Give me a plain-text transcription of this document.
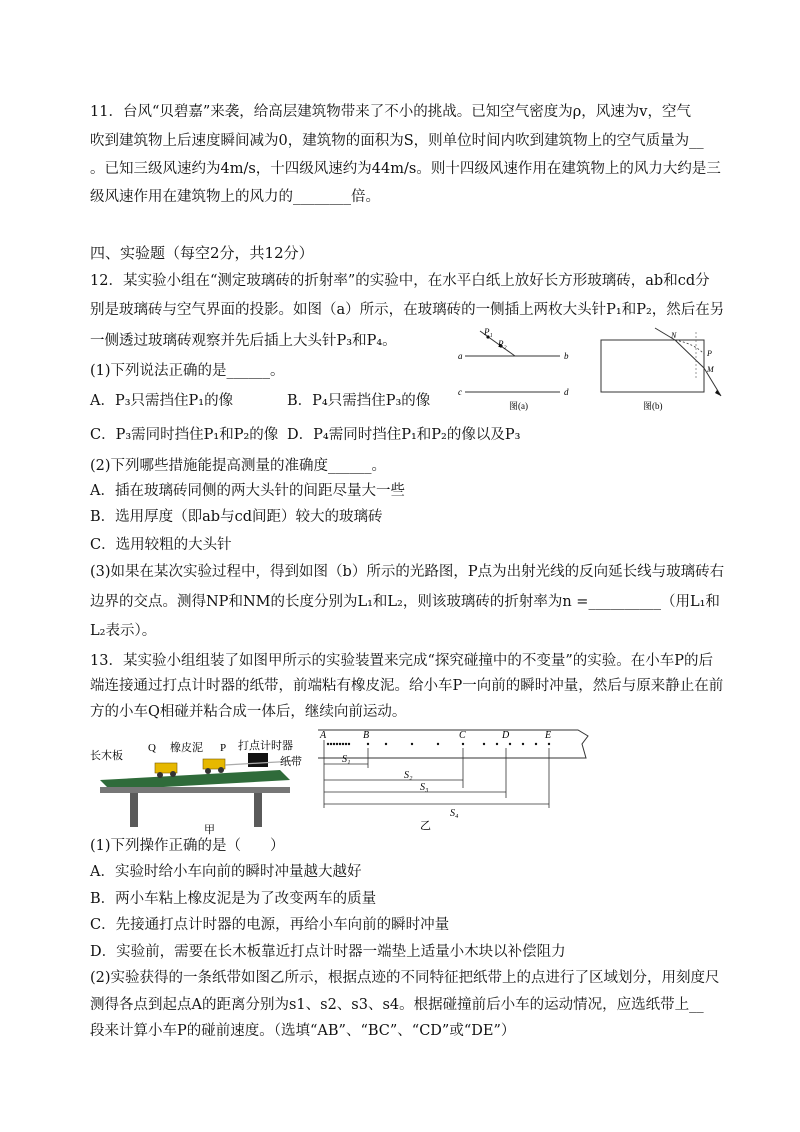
11．台风“贝碧嘉”来袭，给高层建筑物带来了不小的挑战。已知空气密度为ρ，风速为v，空气
吹到建筑物上后速度瞬间减为0，建筑物的面积为S，则单位时间内吹到建筑物上的空气质量为__
。已知三级风速约为4m/s，十四级风速约为44m/s。则十四级风速作用在建筑物上的风力大约是三
级风速作用在建筑物上的风力的________倍。
四、实验题（每空2分，共12分）
12．某实验小组在“测定玻璃砖的折射率”的实验中，在水平白纸上放好长方形玻璃砖，ab和cd分
别是玻璃砖与空气界面的投影。如图（a）所示，在玻璃砖的一侧插上两枚大头针P₁和P₂，然后在另
一侧透过玻璃砖观察并先后插上大头针P₃和P₄。
(1)下列说法正确的是______。
A．P₃只需挡住P₁的像	B．P₄只需挡住P₃的像
C．P₃需同时挡住P₁和P₂的像 D．P₄需同时挡住P₁和P₂的像以及P₃
(2)下列哪些措施能提高测量的准确度______。
A．插在玻璃砖同侧的两大头针的间距尽量大一些
B．选用厚度（即ab与cd间距）较大的玻璃砖
C．选用较粗的大头针
(3)如果在某次实验过程中，得到如图（b）所示的光路图，P点为出射光线的反向延长线与玻璃砖右
边界的交点。测得NP和NM的长度分别为L₁和L₂，则该玻璃砖的折射率为n =__________（用L₁和
L₂表示）。
P₁
P₂
a	b
c	d
图(a)
N
P
M
图(b)
13．某实验小组组装了如图甲所示的实验装置来完成“探究碰撞中的不变量”的实验。在小车P的后
端连接通过打点计时器的纸带，前端粘有橡皮泥。给小车P一向前的瞬时冲量，然后与原来静止在前
方的小车Q相碰并粘合成一体后，继续向前运动。
长木板
Q 橡皮泥 P 打点计时器
纸带
甲
A	B	C	D	E
S₁
S₂
S₃
S₄
乙
(1)下列操作正确的是（　　）
A．实验时给小车向前的瞬时冲量越大越好
B．两小车粘上橡皮泥是为了改变两车的质量
C．先接通打点计时器的电源，再给小车向前的瞬时冲量
D．实验前，需要在长木板靠近打点计时器一端垫上适量小木块以补偿阻力
(2)实验获得的一条纸带如图乙所示，根据点迹的不同特征把纸带上的点进行了区域划分，用刻度尺
测得各点到起点A的距离分别为s1、s2、s3、s4。根据碰撞前后小车的运动情况，应选纸带上__
段来计算小车P的碰前速度。（选填“AB”、“BC”、“CD”或“DE”）
